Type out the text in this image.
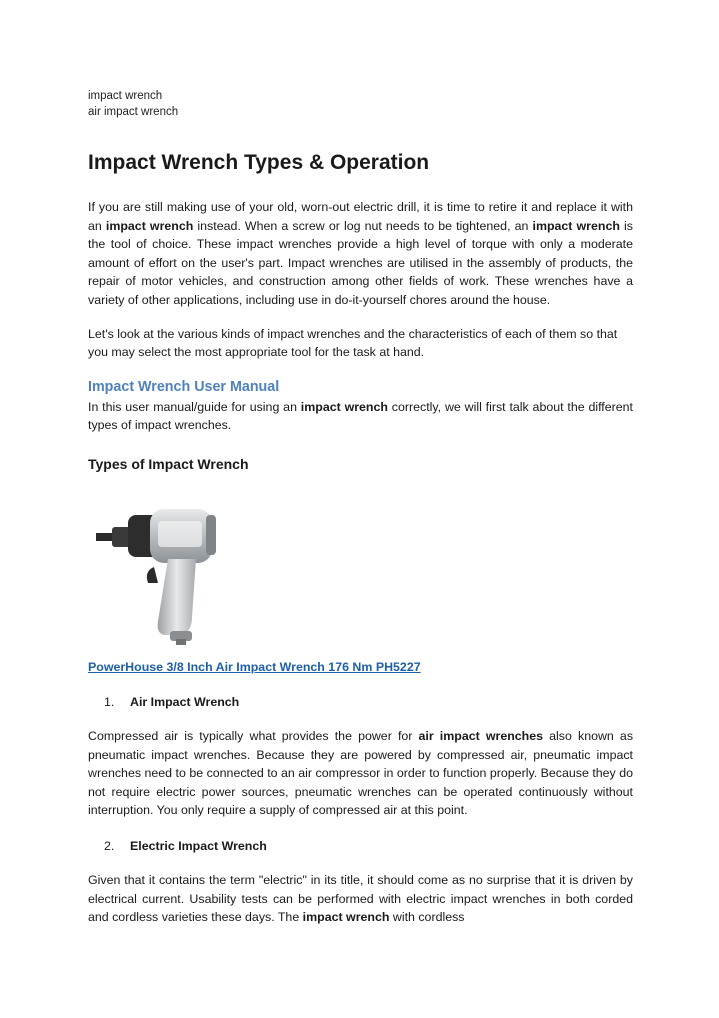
impact wrench
air impact wrench
Impact Wrench Types & Operation

If you are still making use of your old, worn-out electric drill, it is time to retire it and replace it with an impact wrench instead. When a screw or log nut needs to be tightened, an impact wrench is the tool of choice. These impact wrenches provide a high level of torque with only a moderate amount of effort on the user's part. Impact wrenches are utilised in the assembly of products, the repair of motor vehicles, and construction among other fields of work. These wrenches have a variety of other applications, including use in do-it-yourself chores around the house.

Let's look at the various kinds of impact wrenches and the characteristics of each of them so that you may select the most appropriate tool for the task at hand.

Impact Wrench User Manual

In this user manual/guide for using an impact wrench correctly, we will first talk about the different types of impact wrenches.

Types of Impact Wrench
PowerHouse 3/8 Inch Air Impact Wrench 176 Nm PH5227
1. Air Impact Wrench

Compressed air is typically what provides the power for air impact wrenches also known as pneumatic impact wrenches. Because they are powered by compressed air, pneumatic impact wrenches need to be connected to an air compressor in order to function properly. Because they do not require electric power sources, pneumatic wrenches can be operated continuously without interruption. You only require a supply of compressed air at this point.

2. Electric Impact Wrench

Given that it contains the term "electric" in its title, it should come as no surprise that it is driven by electrical current. Usability tests can be performed with electric impact wrenches in both corded and cordless varieties these days. The impact wrench with cordless
